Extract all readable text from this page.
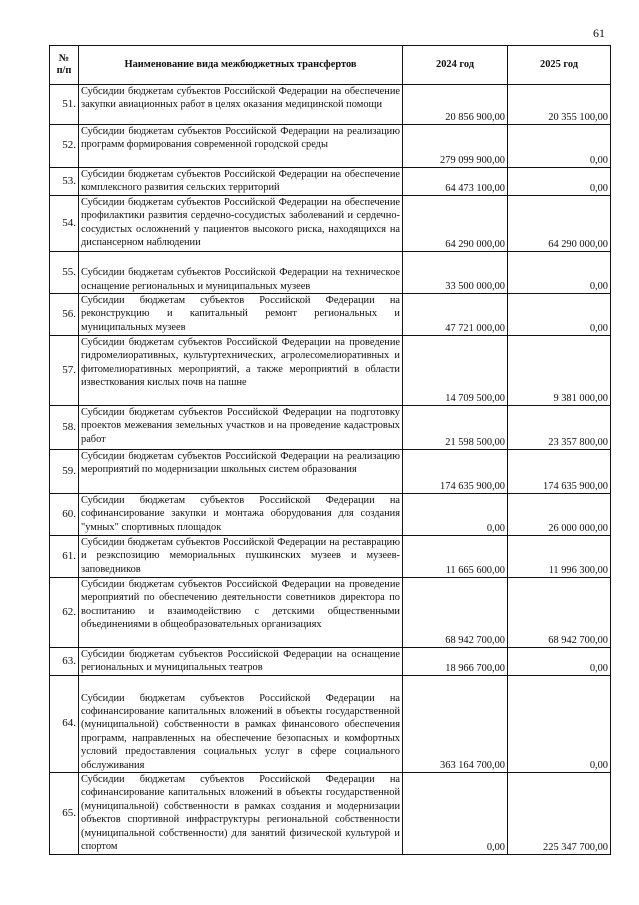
61
№
п/п	Наименование вида межбюджетных трансфертов	2024 год	2025 год
51.	Субсидии бюджетам субъектов Российской Федерации на обеспечение закупки авиационных работ в целях оказания медицинской помощи	20 856 900,00	20 355 100,00
52.	Субсидии бюджетам субъектов Российской Федерации на реализацию программ формирования современной городской среды	279 099 900,00	0,00
53.	Субсидии бюджетам субъектов Российской Федерации на обеспечение комплексного развития сельских территорий	64 473 100,00	0,00
54.	Субсидии бюджетам субъектов Российской Федерации на обеспечение профилактики развития сердечно-сосудистых заболеваний и сердечно-сосудистых осложнений у пациентов высокого риска, находящихся на диспансерном наблюдении	64 290 000,00	64 290 000,00
55.	Субсидии бюджетам субъектов Российской Федерации на техническое оснащение региональных и муниципальных музеев	33 500 000,00	0,00
56.	Субсидии бюджетам субъектов Российской Федерации на реконструкцию и капитальный ремонт региональных и муниципальных музеев	47 721 000,00	0,00
57.	Субсидии бюджетам субъектов Российской Федерации на проведение гидромелиоративных, культуртехнических, агролесомелиоративных и фитомелиоративных мероприятий, а также мероприятий в области известкования кислых почв на пашне	14 709 500,00	9 381 000,00
58.	Субсидии бюджетам субъектов Российской Федерации на подготовку проектов межевания земельных участков и на проведение кадастровых работ	21 598 500,00	23 357 800,00
59.	Субсидии бюджетам субъектов Российской Федерации на реализацию мероприятий по модернизации школьных систем образования	174 635 900,00	174 635 900,00
60.	Субсидии бюджетам субъектов Российской Федерации на софинансирование закупки и монтажа оборудования для создания "умных" спортивных площадок	0,00	26 000 000,00
61.	Субсидии бюджетам субъектов Российской Федерации на реставрацию и реэкспозицию мемориальных пушкинских музеев и музеев-заповедников	11 665 600,00	11 996 300,00
62.	Субсидии бюджетам субъектов Российской Федерации на проведение мероприятий по обеспечению деятельности советников директора по воспитанию и взаимодействию с детскими общественными объединениями в общеобразовательных организациях	68 942 700,00	68 942 700,00
63.	Субсидии бюджетам субъектов Российской Федерации на оснащение региональных и муниципальных театров	18 966 700,00	0,00
64.	Субсидии бюджетам субъектов Российской Федерации на софинансирование капитальных вложений в объекты государственной (муниципальной) собственности в рамках финансового обеспечения программ, направленных на обеспечение безопасных и комфортных условий предоставления социальных услуг в сфере социального обслуживания	363 164 700,00	0,00
65.	Субсидии бюджетам субъектов Российской Федерации на софинансирование капитальных вложений в объекты государственной (муниципальной) собственности в рамках создания и модернизации объектов спортивной инфраструктуры региональной собственности (муниципальной собственности) для занятий физической культурой и спортом	0,00	225 347 700,00
